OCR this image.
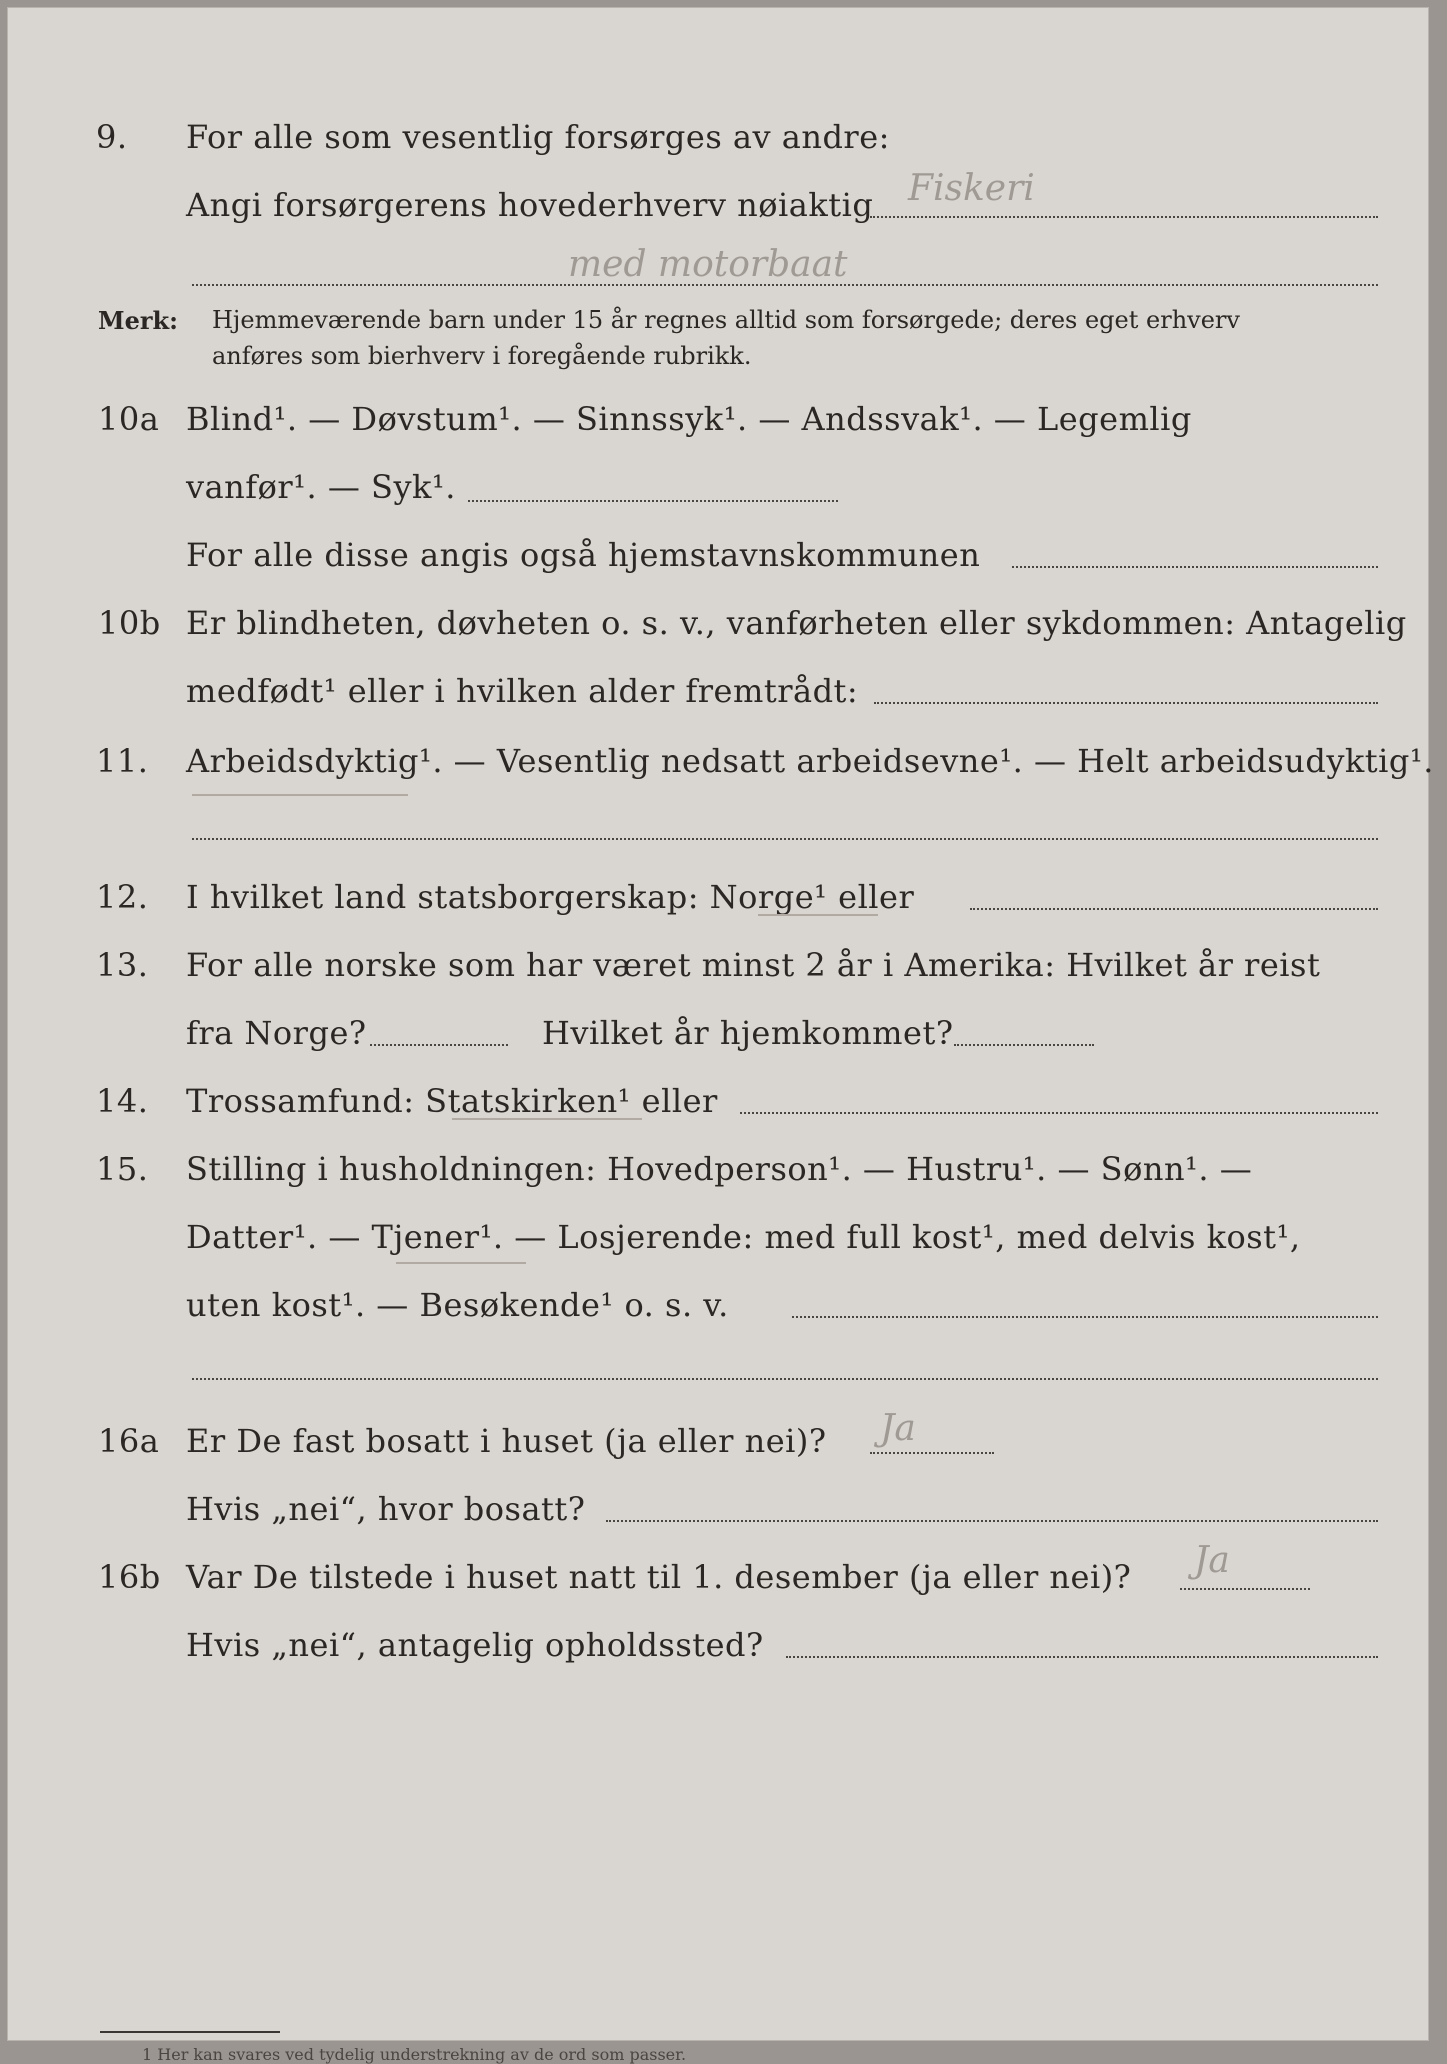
9. For alle som vesentlig forsørges av andre:
Angi forsørgerens hovederhverv nøiaktig Fiskeri
med motorbaat
Merk: Hjemmeværende barn under 15 år regnes alltid som forsørgede; deres eget erhverv
anføres som bierhverv i foregående rubrikk.
10a Blind¹. — Døvstum¹. — Sinnssyk¹. — Andssvak¹. — Legemlig
vanfør¹. — Syk¹.
For alle disse angis også hjemstavnskommunen
10b Er blindheten, døvheten o. s. v., vanførheten eller sykdommen: Antagelig
medfødt¹ eller i hvilken alder fremtrådt:
11. Arbeidsdyktig¹. — Vesentlig nedsatt arbeidsevne¹. — Helt arbeidsudyktig¹.
12. I hvilket land statsborgerskap: Norge¹ eller
13. For alle norske som har været minst 2 år i Amerika: Hvilket år reist
fra Norge?	Hvilket år hjemkommet?
14. Trossamfund: Statskirken¹ eller
15. Stilling i husholdningen: Hovedperson¹. — Hustru¹. — Sønn¹. —
Datter¹. — Tjener¹. — Losjerende: med full kost¹, med delvis kost¹,
uten kost¹. — Besøkende¹ o. s. v.
16a Er De fast bosatt i huset (ja eller nei)? Ja
Hvis „nei“, hvor bosatt?
16b Var De tilstede i huset natt til 1. desember (ja eller nei)? Ja
Hvis „nei“, antagelig opholdssted?
1 Her kan svares ved tydelig understrekning av de ord som passer.
